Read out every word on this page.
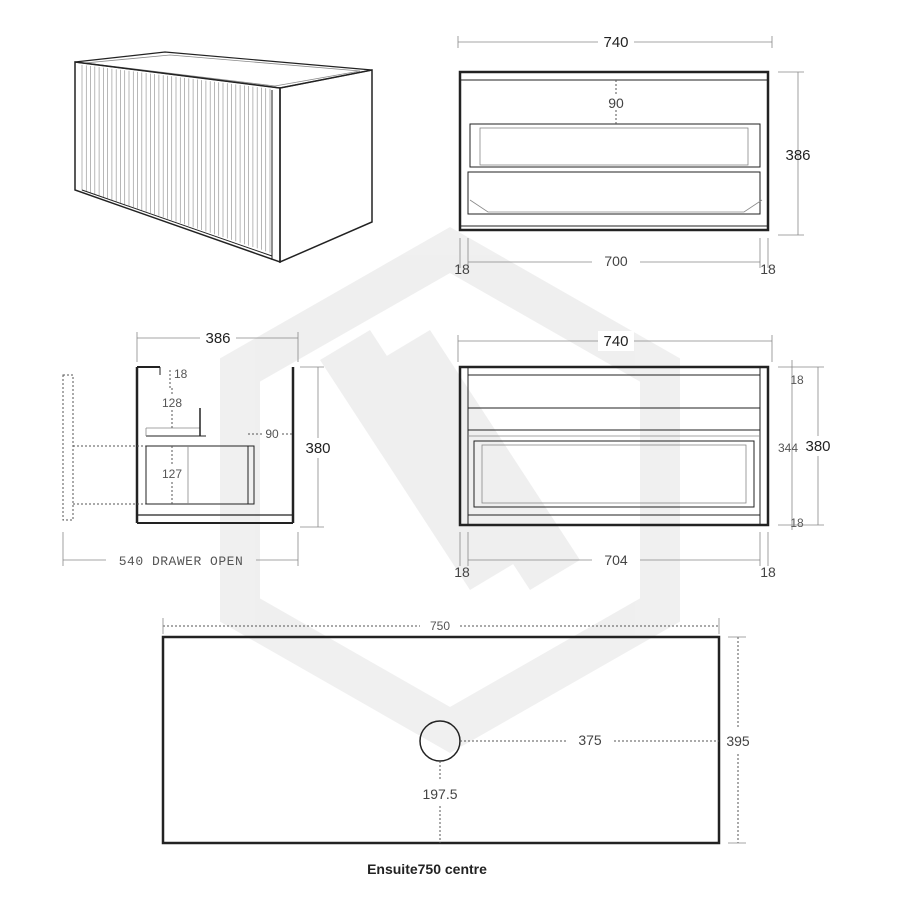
740
90
386
700
18	18
386
18
128
127
90
380
540 DRAWER OPEN
740
18
344
18
380
704
18	18
750
375
197.5
395
Ensuite750 centre
